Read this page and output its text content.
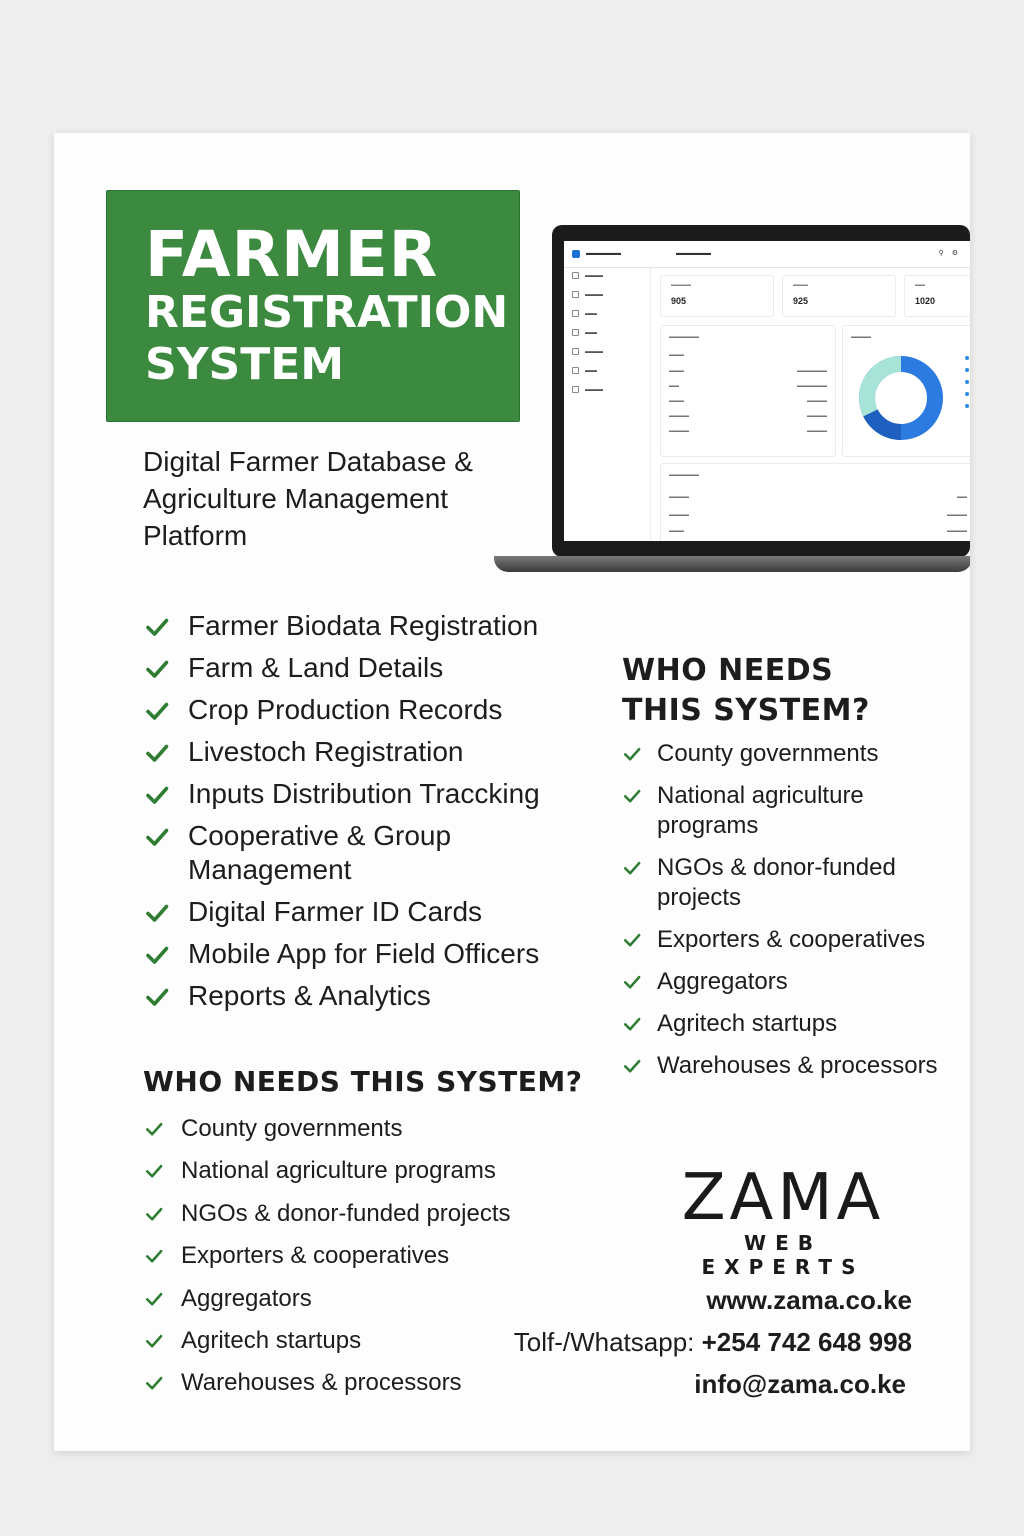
FARMER
REGISTRATION
SYSTEM
Digital Farmer Database & Agriculture Management Platform
▬▬▬▬▬	▬▬▬▬▬	⚲⚙
▬▬▬
▬▬▬
▬▬
▬▬
▬▬▬
▬▬
▬▬▬
▬▬▬▬
905
▬▬▬
925
▬▬
1020
▬▬▬▬▬▬
▬▬▬
▬▬▬	▬▬▬▬▬▬
▬▬	▬▬▬▬▬▬
▬▬▬	▬▬▬▬
▬▬▬▬	▬▬▬▬
▬▬▬▬	▬▬▬▬
▬▬▬▬
▬▬▬▬▬▬
▬▬▬▬	▬▬
▬▬▬▬	▬▬▬▬
▬▬▬	▬▬▬▬
Farmer Biodata Registration
Farm & Land Details
Crop Production Records
Livestoch Registration
Inputs Distribution Traccking
Cooperative & Group Management
Digital Farmer ID Cards
Mobile App for Field Officers
Reports & Analytics
WHO NEEDS THIS SYSTEM?
County governments
National agriculture programs
NGOs & donor-funded projects
Exporters & cooperatives
Aggregators
Agritech startups
Warehouses & processors
WHO NEEDS
THIS SYSTEM?
County governments
National agriculture programs
NGOs & donor-funded projects
Exporters & cooperatives
Aggregators
Agritech startups
Warehouses & processors
ZAMA
WEB EXPERTS
www.zama.co.ke
Tolf-/Whatsapp: +254 742 648 998
info@zama.co.ke
